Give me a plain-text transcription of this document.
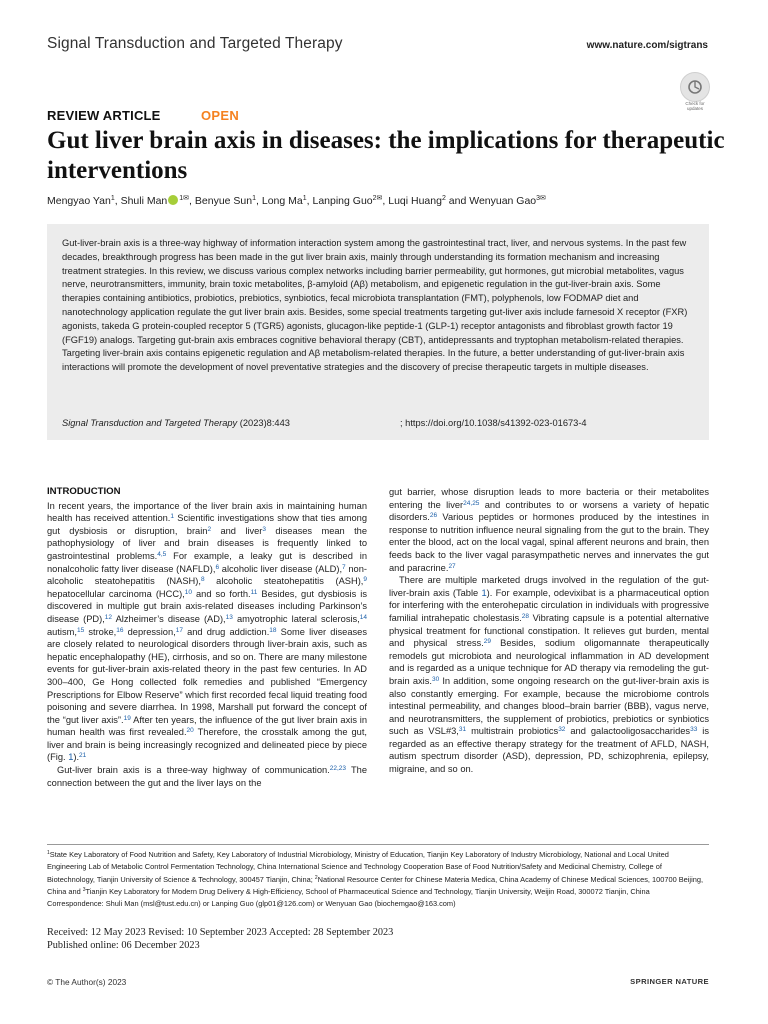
Signal Transduction and Targeted Therapy	www.nature.com/sigtrans
Check for updates
REVIEW ARTICLE	OPEN
Gut liver brain axis in diseases: the implications for therapeutic interventions
Mengyao Yan$^1$, Shuli Man $^{1✉}$, Benyue Sun$^1$, Long Ma$^1$, Lanping Guo$^{2✉}$, Luqi Huang$^2$ and Wenyuan Gao$^{3✉}$

Gut-liver-brain axis is a three-way highway of information interaction system among the gastrointestinal tract, liver, and nervous systems. In the past few decades, breakthrough progress has been made in the gut liver brain axis, mainly through understanding its formation mechanism and increasing treatment strategies. In this review, we discuss various complex networks including barrier permeability, gut hormones, gut microbial metabolites, vagus nerve, neurotransmitters, immunity, brain toxic metabolites, β-amyloid (Aβ) metabolism, and epigenetic regulation in the gut-liver-brain axis. Some therapies containing antibiotics, probiotics, prebiotics, synbiotics, fecal microbiota transplantation (FMT), polyphenols, low FODMAP diet and nanotechnology application regulate the gut liver brain axis. Besides, some special treatments targeting gut-liver axis include farnesoid X receptor (FXR) agonists, takeda G protein-coupled receptor 5 (TGR5) agonists, glucagon-like peptide-1 (GLP-1) receptor antagonists and fibroblast growth factor 19 (FGF19) analogs. Targeting gut-brain axis embraces cognitive behavioral therapy (CBT), antidepressants and tryptophan metabolism-related therapies. Targeting liver-brain axis contains epigenetic regulation and Aβ metabolism-related therapies. In the future, a better understanding of gut-liver-brain axis interactions will promote the development of novel preventative strategies and the discovery of precise therapeutic targets in multiple diseases.

Signal Transduction and Targeted Therapy (2023)8:443	; https://doi.org/10.1038/s41392-023-01673-4
INTRODUCTION

In recent years, the importance of the liver brain axis in maintaining human health has received attention.$^1$ Scientific investigations show that ties among gut dysbiosis or disruption, brain$^2$ and liver$^3$ diseases mean the pathophysiology of liver and brain diseases is frequently linked to gastrointestinal problems.$^{4,5}$ For example, a leaky gut is described in nonalcoholic fatty liver disease (NAFLD),$^6$ alcoholic liver disease (ALD),$^7$ non-alcoholic steatohepatitis (NASH),$^8$ alcoholic steatohepatitis (ASH),$^9$ hepatocellular carcinoma (HCC),$^{10}$ and so forth.$^{11}$ Besides, gut dysbiosis is discovered in multiple gut brain axis-related diseases including Parkinson’s disease (PD),$^{12}$ Alzheimer’s disease (AD),$^{13}$ amyotrophic lateral sclerosis,$^{14}$ autism,$^{15}$ stroke,$^{16}$ depression,$^{17}$ and drug addiction.$^{18}$ Some liver diseases are closely related to neurological disorders through liver-brain axis, such as hepatic encephalopathy (HE), cirrhosis, and so on. There are many milestone events for gut-liver-brain axis-related theory in the past few centuries. In AD 300–400, Ge Hong collected folk remedies and published “Emergency Prescriptions for Elbow Reserve” which first recorded fecal liquid treating food poisoning and severe diarrhea. In 1998, Marshall put forward the concept of the “gut liver axis”.$^{19}$ After ten years, the influence of the gut liver brain axis in human health was first revealed.$^{20}$ Therefore, the crosstalk among the gut, liver and brain is being increasingly recognized and delineated piece by piece (Fig. 1).$^{21}$

Gut-liver brain axis is a three-way highway of communication.$^{22,23}$ The connection between the gut and the liver lays on the

gut barrier, whose disruption leads to more bacteria or their metabolites entering the liver$^{24,25}$ and contributes to or worsens a variety of hepatic disorders.$^{26}$ Various peptides or hormones produced by the intestines in response to nutrition influence neural signaling from the gut to the brain. They enter the blood, act on the local vagal, spinal afferent neurons and brain, then feeds back to the liver vagal parasympathetic nerves and innervates the gut and paracrine.$^{27}$

There are multiple marketed drugs involved in the regulation of the gut-liver-brain axis (Table 1). For example, odevixibat is a pharmaceutical option for interfering with the enterohepatic circulation in individuals with progressive familial intrahepatic cholestasis.$^{28}$ Vibrating capsule is a potential alternative physical treatment for functional constipation. It relieves gut burden, mental and physical stress.$^{29}$ Besides, sodium oligomannate therapeutically remodels gut microbiota and neurological inflammation in AD development and is regarded as a unique technique for AD therapy via remodeling the gut-brain axis.$^{30}$ In addition, some ongoing research on the gut-liver-brain axis is also constantly emerging. For example, because the microbiome controls intestinal permeability, and changes blood–brain barrier (BBB), vagus nerve, and neurotransmitters, the supplement of probiotics, prebiotics or synbiotics such as VSL#3,31 multistrain probiotics$^{32}$ and galactooligosaccharides$^{33}$ is regarded as an effective therapy strategy for the treatment of AFLD, NASH, autism spectrum disorder (ASD), depression, PD, schizophrenia, epilepsy, migraine, and so on.

$^1$State Key Laboratory of Food Nutrition and Safety, Key Laboratory of Industrial Microbiology, Ministry of Education, Tianjin Key Laboratory of Industry Microbiology, National and Local United Engineering Lab of Metabolic Control Fermentation Technology, China International Science and Technology Cooperation Base of Food Nutrition/Safety and Medicinal Chemistry, College of Biotechnology, Tianjin University of Science & Technology, 300457 Tianjin, China; $^2$National Resource Center for Chinese Materia Medica, China Academy of Chinese Medical Sciences, 100700 Beijing, China and $^3$Tianjin Key Laboratory for Modern Drug Delivery & High-Efficiency, School of Pharmaceutical Science and Technology, Tianjin University, Weijin Road, 300072 Tianjin, China
Correspondence: Shuli Man (msl@tust.edu.cn) or Lanping Guo (glp01@126.com) or Wenyuan Gao (biochemgao@163.com)
Received: 12 May 2023 Revised: 10 September 2023 Accepted: 28 September 2023
Published online: 06 December 2023
© The Author(s) 2023	SPRINGER NATURE
